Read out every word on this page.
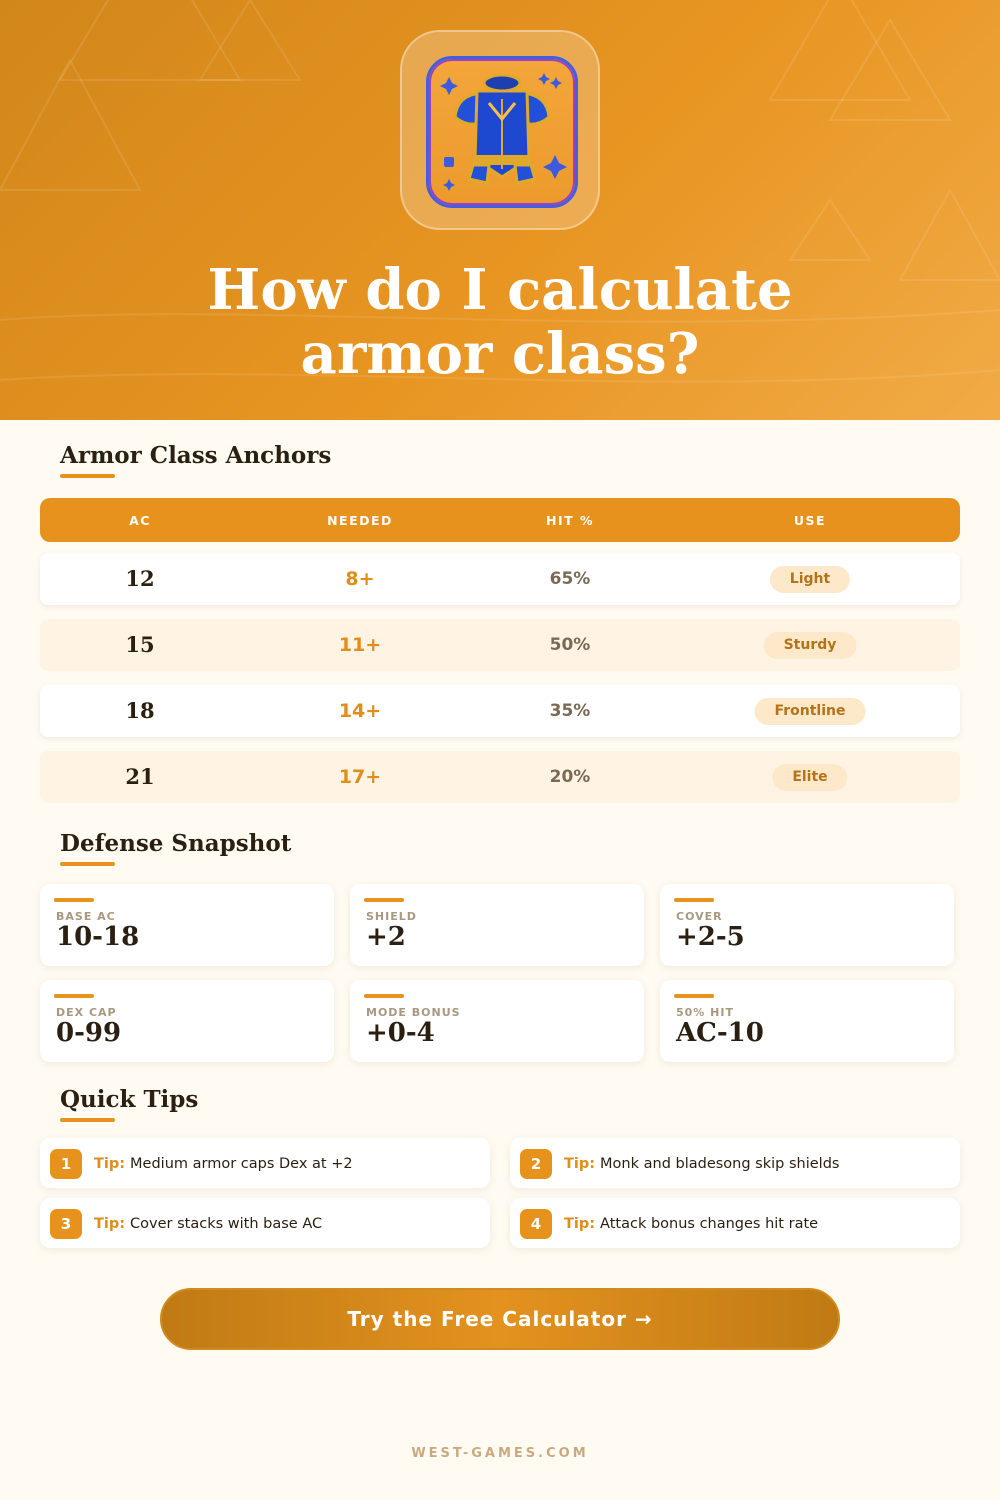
How do I calculate
armor class?
Armor Class Anchors
AC	NEEDED	HIT %	USE
12	8+	65%	Light
15	11+	50%	Sturdy
18	14+	35%	Frontline
21	17+	20%	Elite
Defense Snapshot
BASE AC
10-18
SHIELD
+2
COVER
+2-5
DEX CAP
0-99
MODE BONUS
+0-4
50% HIT
AC-10
Quick Tips
1	Tip: Medium armor caps Dex at +2	2	Tip: Monk and bladesong skip shields
3	Tip: Cover stacks with base AC	4	Tip: Attack bonus changes hit rate
Try the Free Calculator →
WEST-GAMES.COM
